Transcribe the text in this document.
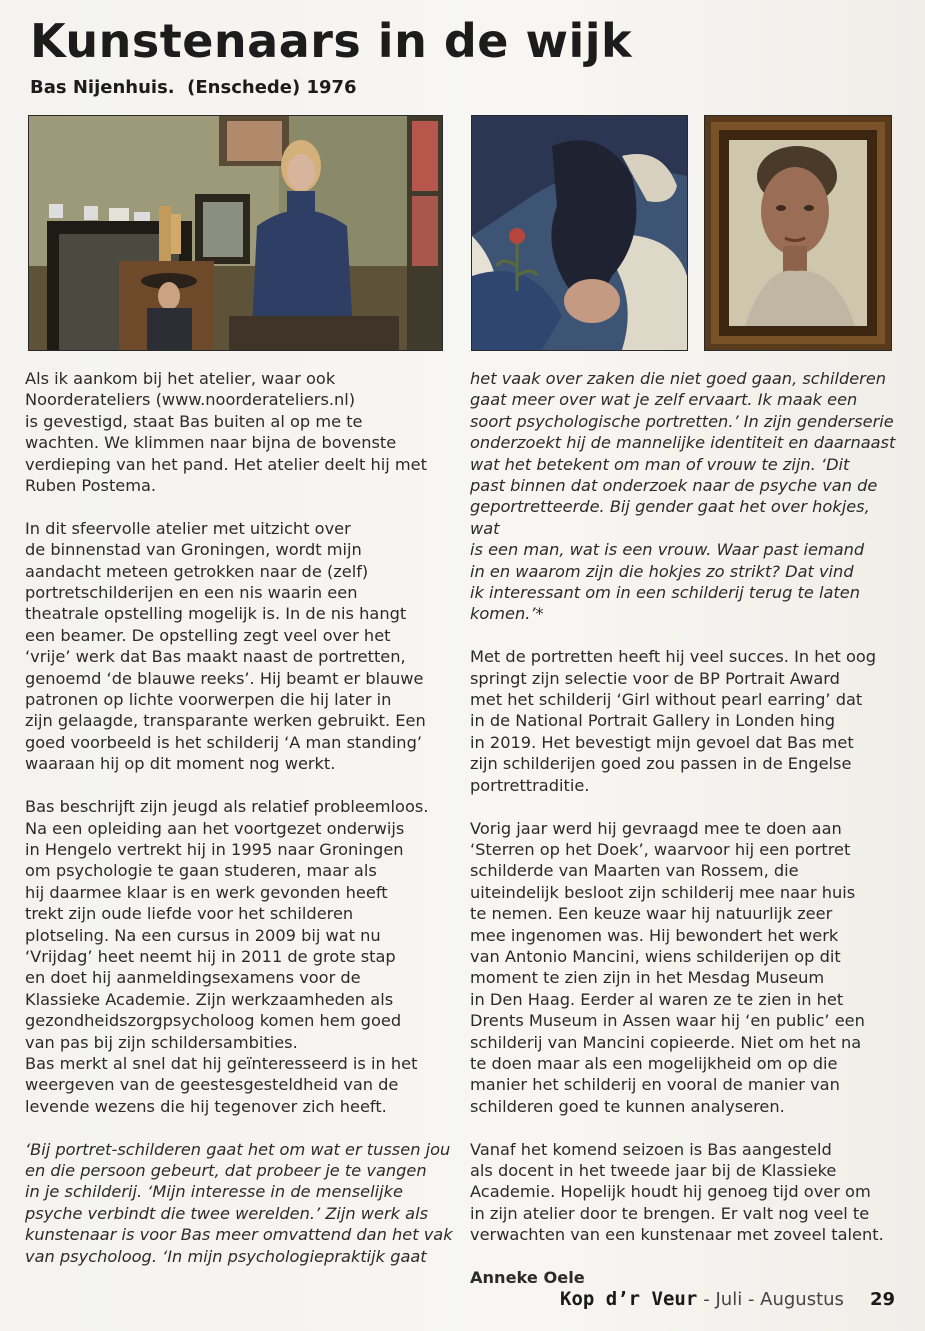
Kunstenaars in de wijk
Bas Nijenhuis.  (Enschede) 1976

Als ik aankom bij het atelier, waar ook
Noorderateliers (www.noorderateliers.nl)
is gevestigd, staat Bas buiten al op me te
wachten. We klimmen naar bijna de bovenste
verdieping van het pand. Het atelier deelt hij met
Ruben Postema.

In dit sfeervolle atelier met uitzicht over
de binnenstad van Groningen, wordt mijn
aandacht meteen getrokken naar de (zelf)
portretschilderijen en een nis waarin een
theatrale opstelling mogelijk is. In de nis hangt
een beamer. De opstelling zegt veel over het
‘vrije’ werk dat Bas maakt naast de portretten,
genoemd ‘de blauwe reeks’. Hij beamt er blauwe
patronen op lichte voorwerpen die hij later in
zijn gelaagde, transparante werken gebruikt. Een
goed voorbeeld is het schilderij ‘A man standing’
waaraan hij op dit moment nog werkt.

Bas beschrijft zijn jeugd als relatief probleemloos.
Na een opleiding aan het voortgezet onderwijs
in Hengelo vertrekt hij in 1995 naar Groningen
om psychologie te gaan studeren, maar als
hij daarmee klaar is en werk gevonden heeft
trekt zijn oude liefde voor het schilderen
plotseling. Na een cursus in 2009 bij wat nu
‘Vrijdag’ heet neemt hij in 2011 de grote stap
en doet hij aanmeldingsexamens voor de
Klassieke Academie. Zijn werkzaamheden als
gezondheidszorgpsycholoog komen hem goed
van pas bij zijn schildersambities.
Bas merkt al snel dat hij geïnteresseerd is in het
weergeven van de geestesgesteldheid van de
levende wezens die hij tegenover zich heeft.

‘Bij portret-schilderen gaat het om wat er tussen jou
en die persoon gebeurt, dat probeer je te vangen
in je schilderij. ‘Mijn interesse in de menselijke
psyche verbindt die twee werelden.’ Zijn werk als
kunstenaar is voor Bas meer omvattend dan het vak
van psycholoog. ‘In mijn psychologiepraktijk gaat

het vaak over zaken die niet goed gaan, schilderen
gaat meer over wat je zelf ervaart. Ik maak een
soort psychologische portretten.’ In zijn genderserie
onderzoekt hij de mannelijke identiteit en daarnaast
wat het betekent om man of vrouw te zijn. ‘Dit
past binnen dat onderzoek naar de psyche van de
geportretteerde. Bij gender gaat het over hokjes, wat
is een man, wat is een vrouw. Waar past iemand
in en waarom zijn die hokjes zo strikt? Dat vind
ik interessant om in een schilderij terug te laten
komen.’*

Met de portretten heeft hij veel succes. In het oog
springt zijn selectie voor de BP Portrait Award
met het schilderij ‘Girl without pearl earring’ dat
in de National Portrait Gallery in Londen hing
in 2019. Het bevestigt mijn gevoel dat Bas met
zijn schilderijen goed zou passen in de Engelse
portrettraditie.

Vorig jaar werd hij gevraagd mee te doen aan
‘Sterren op het Doek’, waarvoor hij een portret
schilderde van Maarten van Rossem, die
uiteindelijk besloot zijn schilderij mee naar huis
te nemen. Een keuze waar hij natuurlijk zeer
mee ingenomen was. Hij bewondert het werk
van Antonio Mancini, wiens schilderijen op dit
moment te zien zijn in het Mesdag Museum
in Den Haag. Eerder al waren ze te zien in het
Drents Museum in Assen waar hij ‘en public’ een
schilderij van Mancini copieerde. Niet om het na
te doen maar als een mogelijkheid om op die
manier het schilderij en vooral de manier van
schilderen goed te kunnen analyseren.

Vanaf het komend seizoen is Bas aangesteld
als docent in het tweede jaar bij de Klassieke
Academie. Hopelijk houdt hij genoeg tijd over om
in zijn atelier door te brengen. Er valt nog veel te
verwachten van een kunstenaar met zoveel talent.

Anneke Oele
Kop d’r Veur - Juli - Augustus 29
